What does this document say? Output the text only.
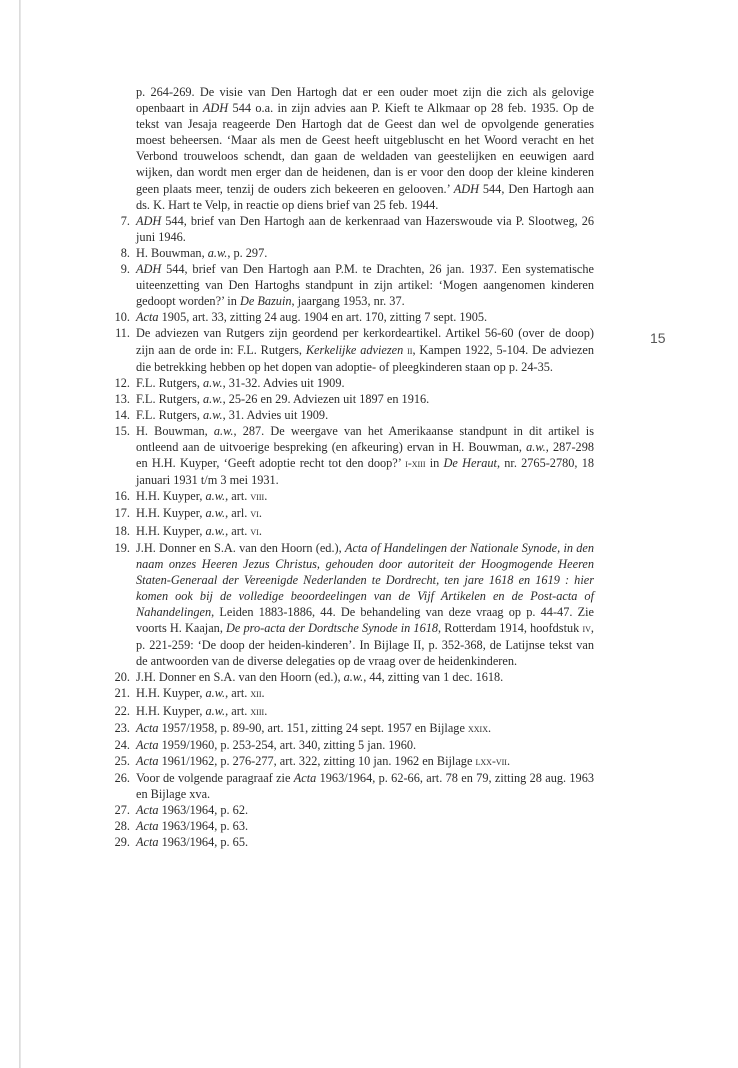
p. 264-269. De visie van Den Hartogh dat er een ouder moet zijn die zich als gelovige openbaart in ADH 544 o.a. in zijn advies aan P. Kieft te Alkmaar op 28 feb. 1935. Op de tekst van Jesaja reageerde Den Hartogh dat de Geest dan wel de opvolgende generaties moest beheersen. ‘Maar als men de Geest heeft uitgebluscht en het Woord veracht en het Verbond trouweloos schendt, dan gaan de weldaden van geestelijken en eeuwigen aard wijken, dan wordt men erger dan de heidenen, dan is er voor den doop der kleine kinderen geen plaats meer, tenzij de ouders zich bekeeren en gelooven.’ ADH 544, Den Hartogh aan ds. K. Hart te Velp, in reactie op diens brief van 25 feb. 1944.
7. ADH 544, brief van Den Hartogh aan de kerkenraad van Hazerswoude via P. Slootweg, 26 juni 1946.
8. H. Bouwman, a.w., p. 297.
9. ADH 544, brief van Den Hartogh aan P.M. te Drachten, 26 jan. 1937. Een systematische uiteenzetting van Den Hartoghs standpunt in zijn artikel: ‘Mogen aangenomen kinderen gedoopt worden?’ in De Bazuin, jaargang 1953, nr. 37.
10. Acta 1905, art. 33, zitting 24 aug. 1904 en art. 170, zitting 7 sept. 1905.
11. De adviezen van Rutgers zijn geordend per kerkordeartikel. Artikel 56-60 (over de doop) zijn aan de orde in: F.L. Rutgers, Kerkelijke adviezen ii, Kampen 1922, 5-104. De adviezen die betrekking hebben op het dopen van adoptie- of pleegkinderen staan op p. 24-35.
12. F.L. Rutgers, a.w., 31-32. Advies uit 1909.
13. F.L. Rutgers, a.w., 25-26 en 29. Adviezen uit 1897 en 1916.
14. F.L. Rutgers, a.w., 31. Advies uit 1909.
15. H. Bouwman, a.w., 287. De weergave van het Amerikaanse standpunt in dit artikel is ontleend aan de uitvoerige bespreking (en afkeuring) ervan in H. Bouwman, a.w., 287-298 en H.H. Kuyper, ‘Geeft adoptie recht tot den doop?’ i-xiii in De Heraut, nr. 2765-2780, 18 januari 1931 t/m 3 mei 1931.
16. H.H. Kuyper, a.w., art. viii.
17. H.H. Kuyper, a.w., arl. vi.
18. H.H. Kuyper, a.w., art. vi.
19. J.H. Donner en S.A. van den Hoorn (ed.), Acta of Handelingen der Nationale Synode, in den naam onzes Heeren Jezus Christus, gehouden door autoriteit der Hoogmogende Heeren Staten-Generaal der Vereenigde Nederlanden te Dordrecht, ten jare 1618 en 1619 : hier komen ook bij de volledige beoordeelingen van de Vijf Artikelen en de Post-acta of Nahandelingen, Leiden 1883-1886, 44. De behandeling van deze vraag op p. 44-47. Zie voorts H. Kaajan, De pro-acta der Dordtsche Synode in 1618, Rotterdam 1914, hoofdstuk iv, p. 221-259: ‘De doop der heiden-kinderen’. In Bijlage II, p. 352-368, de Latijnse tekst van de antwoorden van de diverse delegaties op de vraag over de heidenkinderen.
20. J.H. Donner en S.A. van den Hoorn (ed.), a.w., 44, zitting van 1 dec. 1618.
21. H.H. Kuyper, a.w., art. xii.
22. H.H. Kuyper, a.w., art. xiii.
23. Acta 1957/1958, p. 89-90, art. 151, zitting 24 sept. 1957 en Bijlage xxix.
24. Acta 1959/1960, p. 253-254, art. 340, zitting 5 jan. 1960.
25. Acta 1961/1962, p. 276-277, art. 322, zitting 10 jan. 1962 en Bijlage lxx-vii.
26. Voor de volgende paragraaf zie Acta 1963/1964, p. 62-66, art. 78 en 79, zitting 28 aug. 1963 en Bijlage xva.
27. Acta 1963/1964, p. 62.
28. Acta 1963/1964, p. 63.
29. Acta 1963/1964, p. 65.
15
